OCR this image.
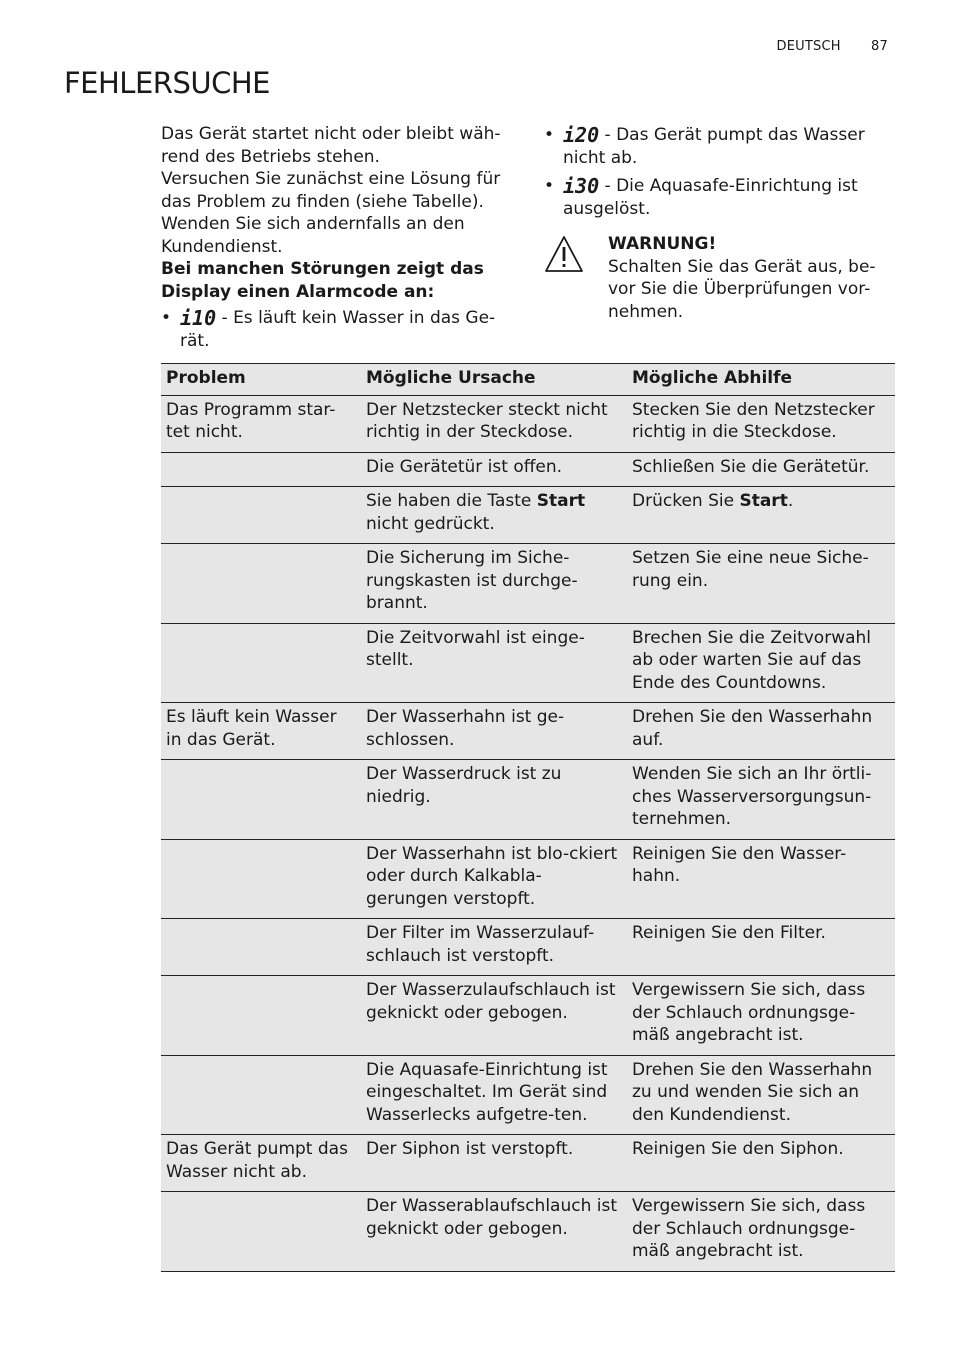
DEUTSCH 87
FEHLERSUCHE

Das Gerät startet nicht oder bleibt wäh-rend des Betriebs stehen.

Versuchen Sie zunächst eine Lösung für das Problem zu finden (siehe Tabelle). Wenden Sie sich andernfalls an den Kundendienst.

Bei manchen Störungen zeigt das Display einen Alarmcode an:

• i10 - Es läuft kein Wasser in das Ge-rät.
• i20 - Das Gerät pumpt das Wasser nicht ab.
• i30 - Die Aquasafe-Einrichtung ist ausgelöst.
WARNUNG!
Schalten Sie das Gerät aus, be-vor Sie die Überprüfungen vor-nehmen.
Problem	Mögliche Ursache	Mögliche Abhilfe
Das Programm star-tet nicht.	Der Netzstecker steckt nicht richtig in der Steckdose.	Stecken Sie den Netzstecker richtig in die Steckdose.
	Die Gerätetür ist offen.	Schließen Sie die Gerätetür.
	Sie haben die Taste Start nicht gedrückt.	Drücken Sie Start.
	Die Sicherung im Siche-rungskasten ist durchge-brannt.	Setzen Sie eine neue Siche-rung ein.
	Die Zeitvorwahl ist einge-stellt.	Brechen Sie die Zeitvorwahl ab oder warten Sie auf das Ende des Countdowns.
Es läuft kein Wasser in das Gerät.	Der Wasserhahn ist ge-schlossen.	Drehen Sie den Wasserhahn auf.
	Der Wasserdruck ist zu niedrig.	Wenden Sie sich an Ihr örtli-ches Wasserversorgungsun-ternehmen.
	Der Wasserhahn ist blo-ckiert oder durch Kalkabla-gerungen verstopft.	Reinigen Sie den Wasser-hahn.
	Der Filter im Wasserzulauf-schlauch ist verstopft.	Reinigen Sie den Filter.
	Der Wasserzulaufschlauch ist geknickt oder gebogen.	Vergewissern Sie sich, dass der Schlauch ordnungsge-mäß angebracht ist.
	Die Aquasafe-Einrichtung ist eingeschaltet. Im Gerät sind Wasserlecks aufgetre-ten.	Drehen Sie den Wasserhahn zu und wenden Sie sich an den Kundendienst.
Das Gerät pumpt das Wasser nicht ab.	Der Siphon ist verstopft.	Reinigen Sie den Siphon.
	Der Wasserablaufschlauch ist geknickt oder gebogen.	Vergewissern Sie sich, dass der Schlauch ordnungsge-mäß angebracht ist.
